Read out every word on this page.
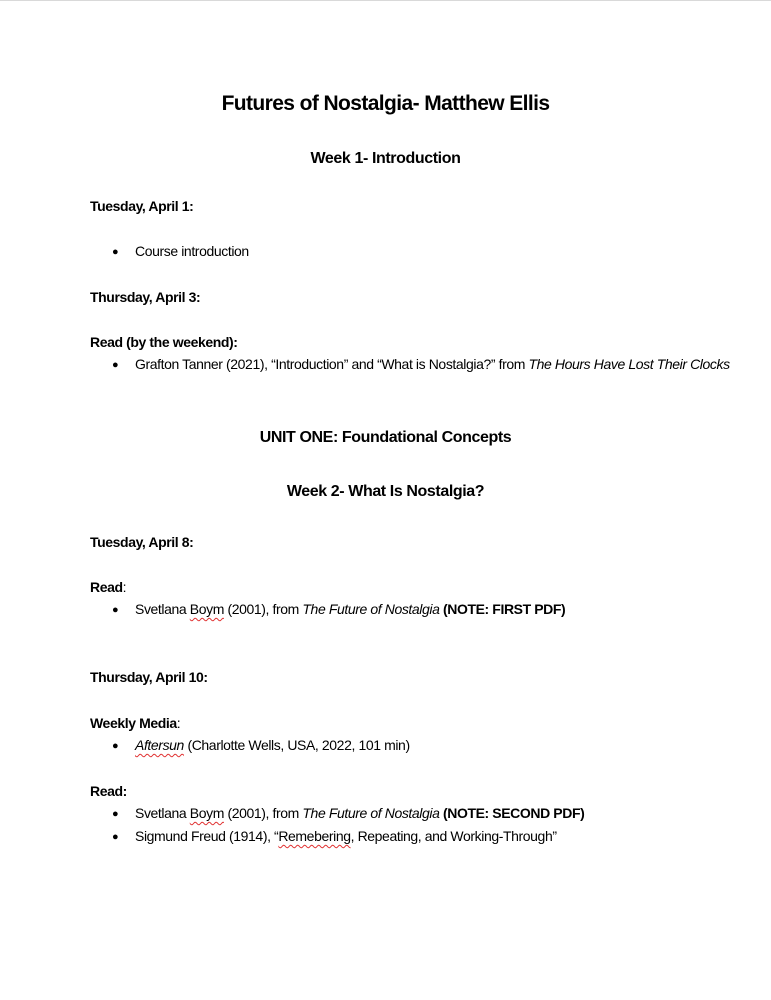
Futures of Nostalgia- Matthew Ellis
Week 1- Introduction
Tuesday, April 1:
● Course introduction
Thursday, April 3:
Read (by the weekend):
● Grafton Tanner (2021), “Introduction” and “What is Nostalgia?” from The Hours Have Lost Their Clocks
UNIT ONE: Foundational Concepts
Week 2- What Is Nostalgia?
Tuesday, April 8:
Read:
● Svetlana Boym (2001), from The Future of Nostalgia (NOTE: FIRST PDF)
Thursday, April 10:
Weekly Media:
● Aftersun (Charlotte Wells, USA, 2022, 101 min)
Read:
● Svetlana Boym (2001), from The Future of Nostalgia (NOTE: SECOND PDF)
● Sigmund Freud (1914), “Remebering, Repeating, and Working-Through”
